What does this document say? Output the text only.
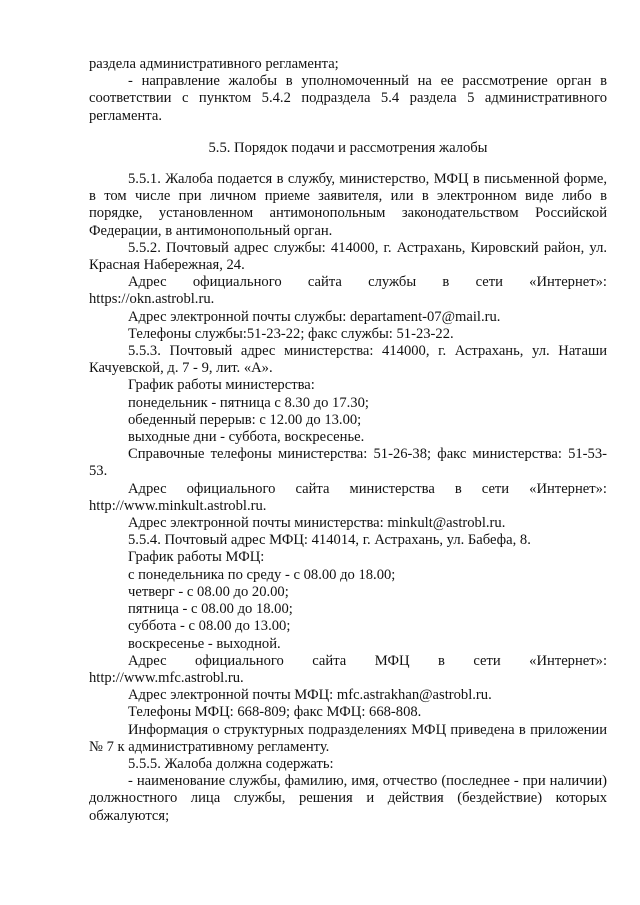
раздела административного регламента;

- направление жалобы в уполномоченный на ее рассмотрение орган в соответствии с пунктом 5.4.2 подраздела 5.4 раздела 5 административного регламента.

5.5. Порядок подачи и рассмотрения жалобы

5.5.1. Жалоба подается в службу, министерство, МФЦ в письменной форме, в том числе при личном приеме заявителя, или в электронном виде либо в порядке, установленном антимонопольным законодательством Российской Федерации, в антимонопольный орган.

5.5.2. Почтовый адрес службы: 414000, г. Астрахань, Кировский район, ул. Красная Набережная, 24.

Адрес официального сайта службы в сети «Интернет»:

https://okn.astrobl.ru.

Адрес электронной почты службы: departament-07@mail.ru.

Телефоны службы:51-23-22; факс службы: 51-23-22.

5.5.3. Почтовый адрес министерства: 414000, г. Астрахань, ул. Наташи Качуевской, д. 7 - 9, лит. «А».

График работы министерства:

понедельник - пятница с 8.30 до 17.30;

обеденный перерыв: с 12.00 до 13.00;

выходные дни - суббота, воскресенье.

Справочные телефоны министерства: 51-26-38; факс министерства: 51-53-53.

Адрес официального сайта министерства в сети «Интернет»:

http://www.minkult.astrobl.ru.

Адрес электронной почты министерства: minkult@astrobl.ru.

5.5.4. Почтовый адрес МФЦ: 414014, г. Астрахань, ул. Бабефа, 8.

График работы МФЦ:

с понедельника по среду - с 08.00 до 18.00;

четверг - с 08.00 до 20.00;

пятница - с 08.00 до 18.00;

суббота - с 08.00 до 13.00;

воскресенье - выходной.

Адрес официального сайта МФЦ в сети «Интернет»:

http://www.mfc.astrobl.ru.

Адрес электронной почты МФЦ: mfc.astrakhan@astrobl.ru.

Телефоны МФЦ: 668-809; факс МФЦ: 668-808.

Информация о структурных подразделениях МФЦ приведена в приложении № 7 к административному регламенту.

5.5.5. Жалоба должна содержать:

- наименование службы, фамилию, имя, отчество (последнее - при наличии) должностного лица службы, решения и действия (бездействие) которых обжалуются;
